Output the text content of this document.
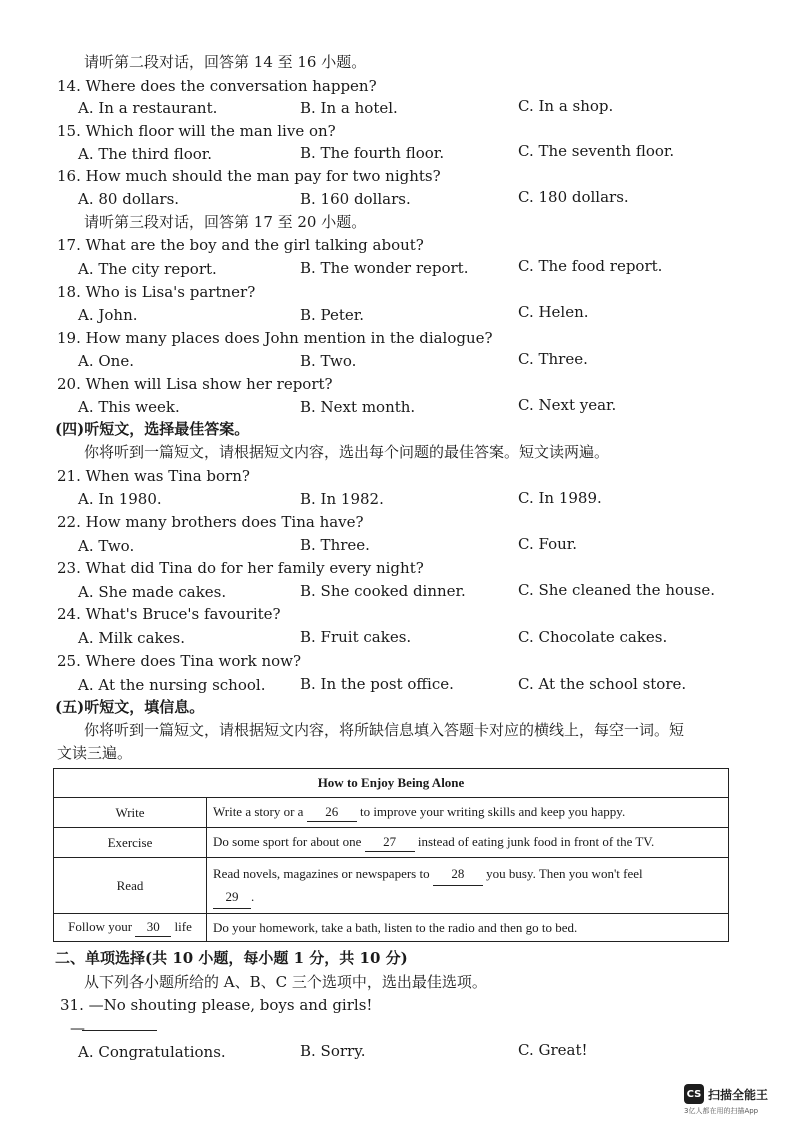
请听第二段对话，回答第 14 至 16 小题。
14. Where does the conversation happen?
A. In a restaurant.	B. In a hotel.	C. In a shop.
15. Which floor will the man live on?
A. The third floor.	B. The fourth floor.	C. The seventh floor.
16. How much should the man pay for two nights?
A. 80 dollars.	B. 160 dollars.	C. 180 dollars.
请听第三段对话，回答第 17 至 20 小题。
17. What are the boy and the girl talking about?
A. The city report.	B. The wonder report.	C. The food report.
18. Who is Lisa's partner?
A. John.	B. Peter.	C. Helen.
19. How many places does John mention in the dialogue?
A. One.	B. Two.	C. Three.
20. When will Lisa show her report?
A. This week.	B. Next month.	C. Next year.
(四)听短文，选择最佳答案。
你将听到一篇短文，请根据短文内容，选出每个问题的最佳答案。短文读两遍。
21. When was Tina born?
A. In 1980.	B. In 1982.	C. In 1989.
22. How many brothers does Tina have?
A. Two.	B. Three.	C. Four.
23. What did Tina do for her family every night?
A. She made cakes.	B. She cooked dinner.	C. She cleaned the house.
24. What's Bruce's favourite?
A. Milk cakes.	B. Fruit cakes.	C. Chocolate cakes.
25. Where does Tina work now?
A. At the nursing school. B. In the post office.	C. At the school store.
(五)听短文，填信息。
你将听到一篇短文，请根据短文内容，将所缺信息填入答题卡对应的横线上，每空一词。短
文读三遍。
How to Enjoy Being Alone	
Write	Write a story or a 26 to improve your writing skills and keep you happy.
Exercise	Do some sport for about one 27 instead of eating junk food in front of the TV.
Read	Read novels, magazines or newspapers to 28 you busy. Then you won't feel
29 .
Follow your 30 life	Do your homework, take a bath, listen to the radio and then go to bed.
二、单项选择(共 10 小题，每小题 1 分，共 10 分)
从下列各小题所给的 A、B、C 三个选项中，选出最佳选项。
31. —No shouting please, boys and girls!
—
A. Congratulations.	B. Sorry.	C. Great!
CS 扫描全能王
3亿人都在用的扫描App
